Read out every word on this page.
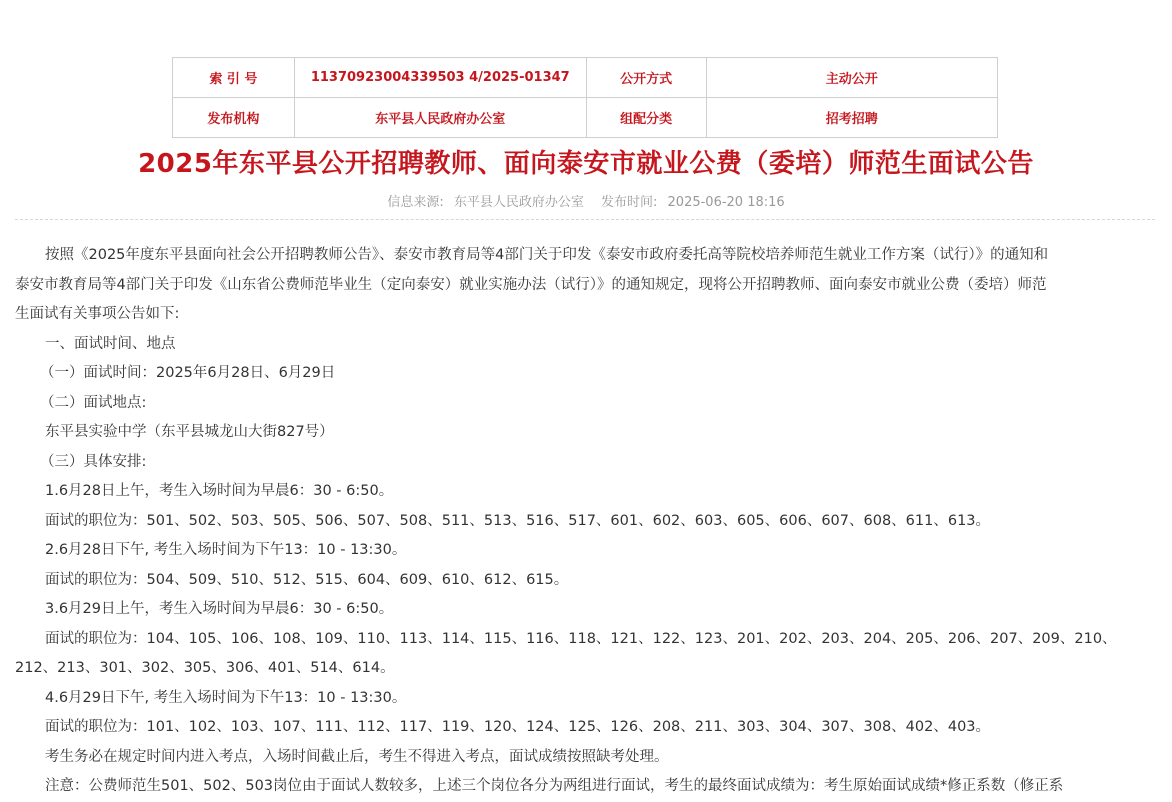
索 引 号	11370923004339503 4/2025-01347	公开方式	主动公开
发布机构	东平县人民政府办公室	组配分类	招考招聘
2025年东平县公开招聘教师、面向泰安市就业公费（委培）师范生面试公告
信息来源: 东平县人民政府办公室 发布时间: 2025-06-20 18:16

按照《2025年度东平县面向社会公开招聘教师公告》、泰安市教育局等4部门关于印发《泰安市政府委托高等院校培养师范生就业工作方案（试行）》的通知和

泰安市教育局等4部门关于印发《山东省公费师范毕业生（定向泰安）就业实施办法（试行）》的通知规定，现将公开招聘教师、面向泰安市就业公费（委培）师范

生面试有关事项公告如下:

一、面试时间、地点

（一）面试时间：2025年6月28日、6月29日

（二）面试地点:

东平县实验中学（东平县城龙山大街827号）

（三）具体安排:

1.6月28日上午，考生入场时间为早晨6：30 - 6:50。

面试的职位为：501、502、503、505、506、507、508、511、513、516、517、601、602、603、605、606、607、608、611、613。

2.6月28日下午, 考生入场时间为下午13：10 - 13:30。

面试的职位为：504、509、510、512、515、604、609、610、612、615。

3.6月29日上午，考生入场时间为早晨6：30 - 6:50。

面试的职位为：104、105、106、108、109、110、113、114、115、116、118、121、122、123、201、202、203、204、205、206、207、209、210、

212、213、301、302、305、306、401、514、614。

4.6月29日下午, 考生入场时间为下午13：10 - 13:30。

面试的职位为：101、102、103、107、111、112、117、119、120、124、125、126、208、211、303、304、307、308、402、403。

考生务必在规定时间内进入考点，入场时间截止后，考生不得进入考点，面试成绩按照缺考处理。

注意：公费师范生501、502、503岗位由于面试人数较多，上述三个岗位各分为两组进行面试，考生的最终面试成绩为：考生原始面试成绩*修正系数（修正系
